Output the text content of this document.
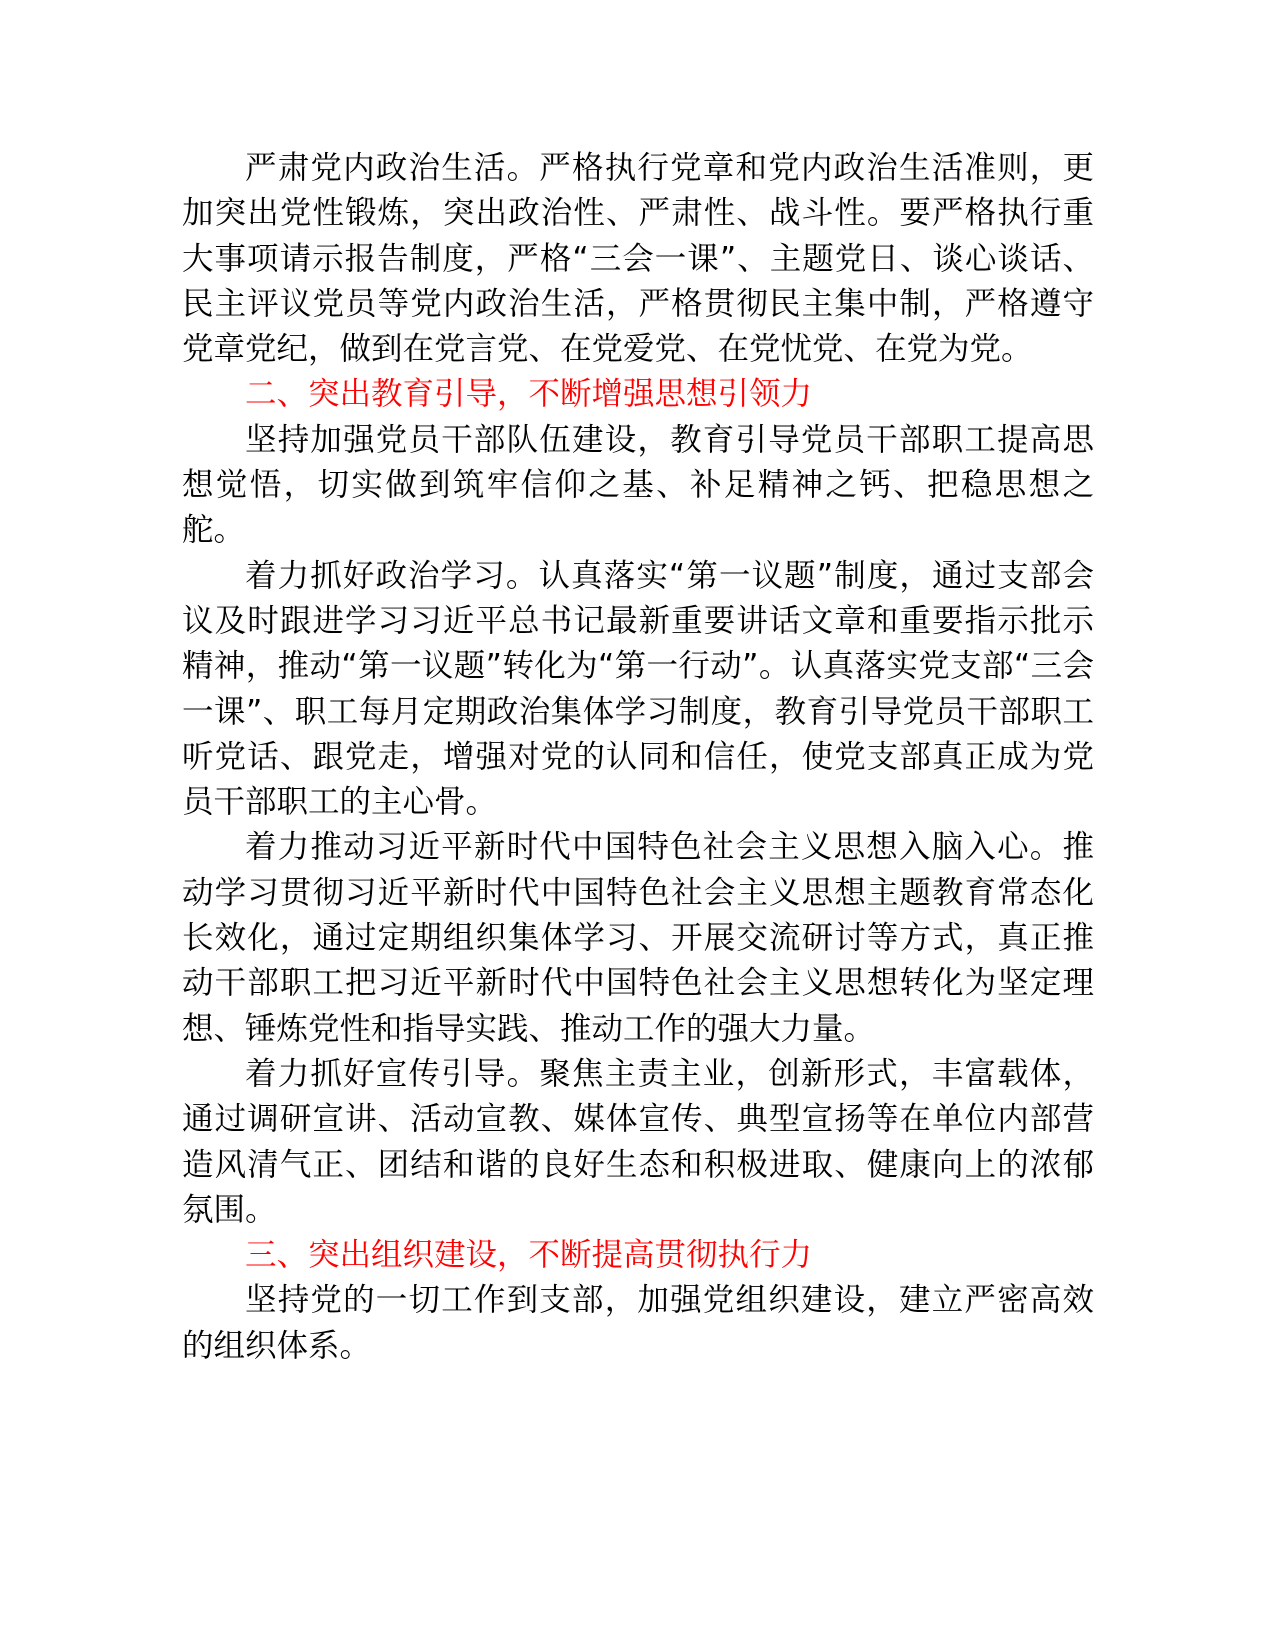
严肃党内政治生活。严格执行党章和党内政治生活准则，更加突出党性锻炼，突出政治性、严肃性、战斗性。要严格执行重大事项请示报告制度，严格“三会一课”、主题党日、谈心谈话、民主评议党员等党内政治生活，严格贯彻民主集中制，严格遵守党章党纪，做到在党言党、在党爱党、在党忧党、在党为党。

二、突出教育引导，不断增强思想引领力

坚持加强党员干部队伍建设，教育引导党员干部职工提高思想觉悟，切实做到筑牢信仰之基、补足精神之钙、把稳思想之舵。

着力抓好政治学习。认真落实“第一议题”制度，通过支部会议及时跟进学习习近平总书记最新重要讲话文章和重要指示批示精神，推动“第一议题”转化为“第一行动”。认真落实党支部“三会一课”、职工每月定期政治集体学习制度，教育引导党员干部职工听党话、跟党走，增强对党的认同和信任，使党支部真正成为党员干部职工的主心骨。

着力推动习近平新时代中国特色社会主义思想入脑入心。推动学习贯彻习近平新时代中国特色社会主义思想主题教育常态化长效化，通过定期组织集体学习、开展交流研讨等方式，真正推动干部职工把习近平新时代中国特色社会主义思想转化为坚定理想、锤炼党性和指导实践、推动工作的强大力量。

着力抓好宣传引导。聚焦主责主业，创新形式，丰富载体，通过调研宣讲、活动宣教、媒体宣传、典型宣扬等在单位内部营造风清气正、团结和谐的良好生态和积极进取、健康向上的浓郁氛围。

三、突出组织建设，不断提高贯彻执行力

坚持党的一切工作到支部，加强党组织建设，建立严密高效的组织体系。
